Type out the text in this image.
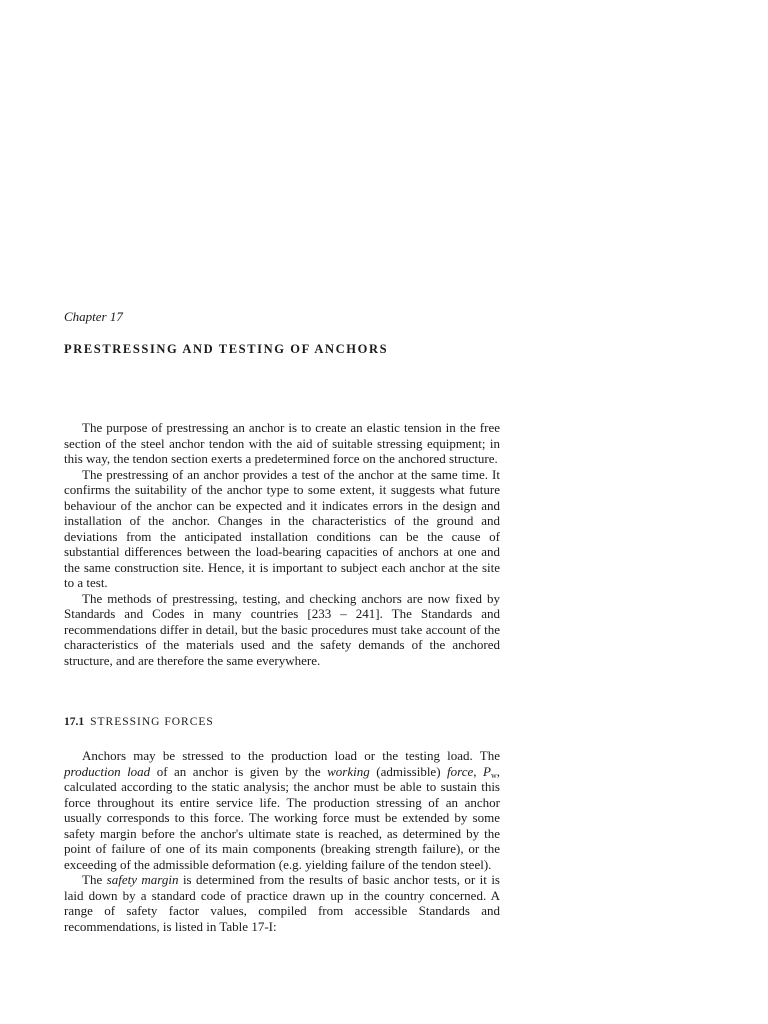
Chapter 17
PRESTRESSING AND TESTING OF ANCHORS

The purpose of prestressing an anchor is to create an elastic tension in the free section of the steel anchor tendon with the aid of suitable stressing equipment; in this way, the tendon section exerts a predetermined force on the anchored structure.

The prestressing of an anchor provides a test of the anchor at the same time. It confirms the suitability of the anchor type to some extent, it suggests what future behaviour of the anchor can be expected and it indicates errors in the design and installation of the anchor. Changes in the characteristics of the ground and deviations from the anticipated installation conditions can be the cause of substantial differences between the load-bearing capacities of anchors at one and the same construction site. Hence, it is important to subject each anchor at the site to a test.

The methods of prestressing, testing, and checking anchors are now fixed by Standards and Codes in many countries [233 – 241]. The Standards and recommendations differ in detail, but the basic procedures must take account of the characteristics of the materials used and the safety demands of the anchored structure, and are therefore the same everywhere.

17.1 STRESSING FORCES

Anchors may be stressed to the production load or the testing load. The production load of an anchor is given by the working (admissible) force, $P_w$, calculated according to the static analysis; the anchor must be able to sustain this force throughout its entire service life. The production stressing of an anchor usually corresponds to this force. The working force must be extended by some safety margin before the anchor's ultimate state is reached, as determined by the point of failure of one of its main components (breaking strength failure), or the exceeding of the admissible deformation (e.g. yielding failure of the tendon steel).

The safety margin is determined from the results of basic anchor tests, or it is laid down by a standard code of practice drawn up in the country concerned. A range of safety factor values, compiled from accessible Standards and recommendations, is listed in Table 17-I:
